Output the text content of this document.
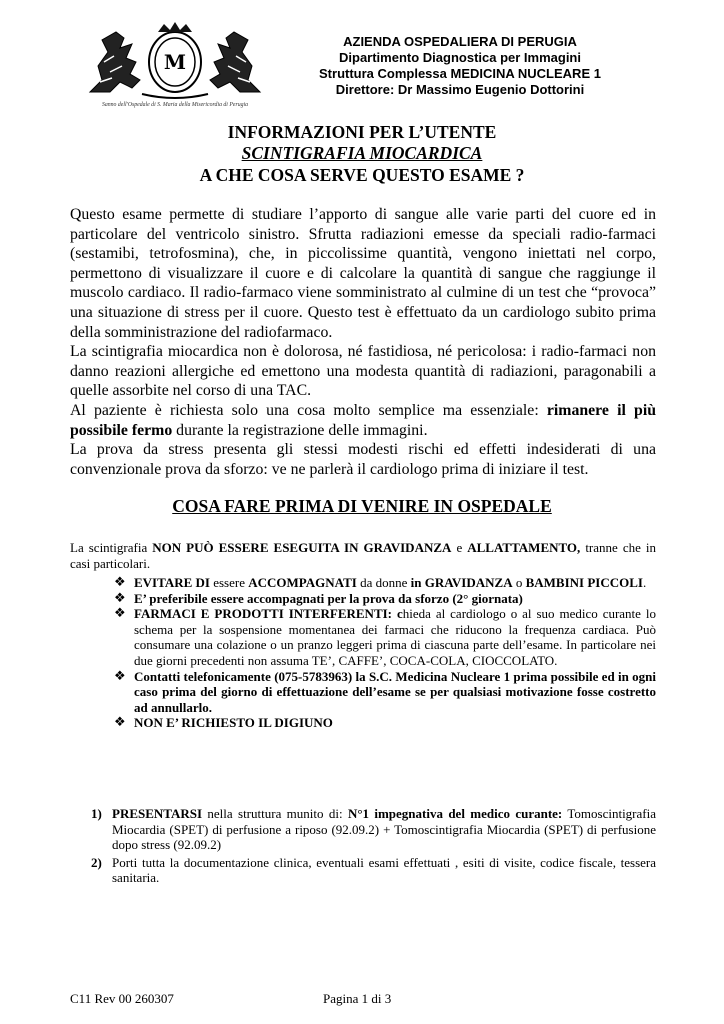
M
Sanno dell'Ospedale di S. Maria della Misericordia di Perugia
AZIENDA OSPEDALIERA DI PERUGIA
Dipartimento Diagnostica per Immagini
Struttura Complessa MEDICINA NUCLEARE 1
Direttore: Dr Massimo Eugenio Dottorini
INFORMAZIONI PER L’UTENTE
SCINTIGRAFIA MIOCARDICA
A CHE COSA SERVE QUESTO ESAME ?

Questo esame permette di studiare l’apporto di sangue alle varie parti del cuore ed in particolare del ventricolo sinistro. Sfrutta radiazioni emesse da speciali radio-farmaci (sestamibi, tetrofosmina), che, in piccolissime quantità, vengono iniettati nel corpo, permettono di visualizzare il cuore e di calcolare la quantità di sangue che raggiunge il muscolo cardiaco. Il radio-farmaco viene somministrato al culmine di un test che “provoca” una situazione di stress per il cuore. Questo test è effettuato da un cardiologo subito prima della somministrazione del radiofarmaco.

La scintigrafia miocardica non è dolorosa, né fastidiosa, né pericolosa: i radio-farmaci non danno reazioni allergiche ed emettono una modesta quantità di radiazioni, paragonabili a quelle assorbite nel corso di una TAC.

Al paziente è richiesta solo una cosa molto semplice ma essenziale: rimanere il più possibile fermo durante la registrazione delle immagini.

La prova da stress presenta gli stessi modesti rischi ed effetti indesiderati di una convenzionale prova da sforzo: ve ne parlerà il cardiologo prima di iniziare il test.

COSA FARE PRIMA DI VENIRE IN OSPEDALE

La scintigrafia NON PUÒ ESSERE ESEGUITA IN GRAVIDANZA e ALLATTAMENTO, tranne che in casi particolari.

❖ EVITARE DI essere ACCOMPAGNATI da donne in GRAVIDANZA o BAMBINI PICCOLI.
❖ E’ preferibile essere accompagnati per la prova da sforzo (2° giornata)
❖ FARMACI E PRODOTTI INTERFERENTI: chieda al cardiologo o al suo medico curante lo schema per la sospensione momentanea dei farmaci che riducono la frequenza cardiaca. Può consumare una colazione o un pranzo leggeri prima di ciascuna parte dell’esame. In particolare nei due giorni precedenti non assuma TE’, CAFFE’, COCA-COLA, CIOCCOLATO.
❖ Contatti telefonicamente (075-5783963) la S.C. Medicina Nucleare 1 prima possibile ed in ogni caso prima del giorno di effettuazione dell’esame se per qualsiasi motivazione fosse costretto ad annullarlo.
❖ NON E’ RICHIESTO IL DIGIUNO
1) PRESENTARSI nella struttura munito di: N°1 impegnativa del medico curante: Tomoscintigrafia Miocardia (SPET) di perfusione a riposo (92.09.2) + Tomoscintigrafia Miocardia (SPET) di perfusione dopo stress (92.09.2)
2) Porti tutta la documentazione clinica, eventuali esami effettuati , esiti di visite, codice fiscale, tessera sanitaria.
C11 Rev 00 260307	Pagina 1 di 3
